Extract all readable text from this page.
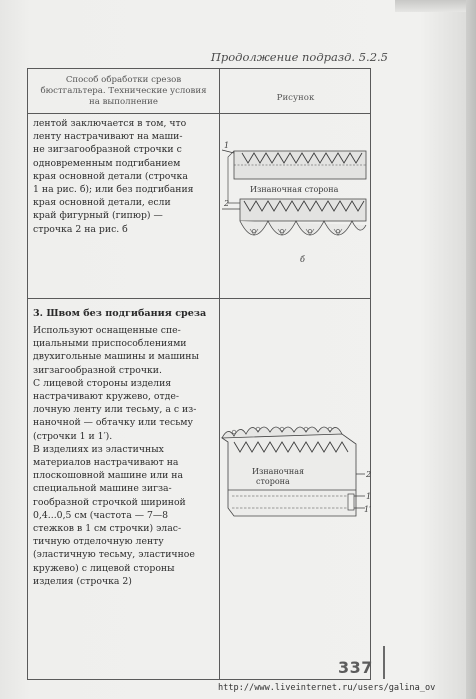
Продолжение подразд. 5.2.5
Способ обработки срезов
бюстгальтера. Технические условия
на выполнение	Рисунок

лентой заключается в том, что

ленту настрачивают на маши-

не зигзагообразной строчки с

одновременным подгибанием

края основной детали (строчка

1 на рис. б); или без подгибания

края основной детали, если

край фигурный (гипюр) —

строчка 2 на рис. б

1
Изнаночная сторона
2
б
3. Швом без подгибания среза

Используют оснащенные спе-

циальными приспособлениями

двухигольные машины и машины

зигзагообразной строчки.

С лицевой стороны изделия

настрачивают кружево, отде-

лочную ленту или тесьму, а с из-

наночной — обтачку или тесьму

(строчки 1 и 1′).

В изделиях из эластичных

материалов настрачивают на

плоскошовной машине или на

специальной машине зигза-

гообразной строчкой шириной

0,4...0,5 см (частота — 7—8

стежков в 1 см строчки) элас-

тичную отделочную ленту

(эластичную тесьму, эластичное

кружево) с лицевой стороны

изделия (строчка 2)

Изнаночная
сторона
2
1
1′
337
http://www.liveinternet.ru/users/galina_ov
